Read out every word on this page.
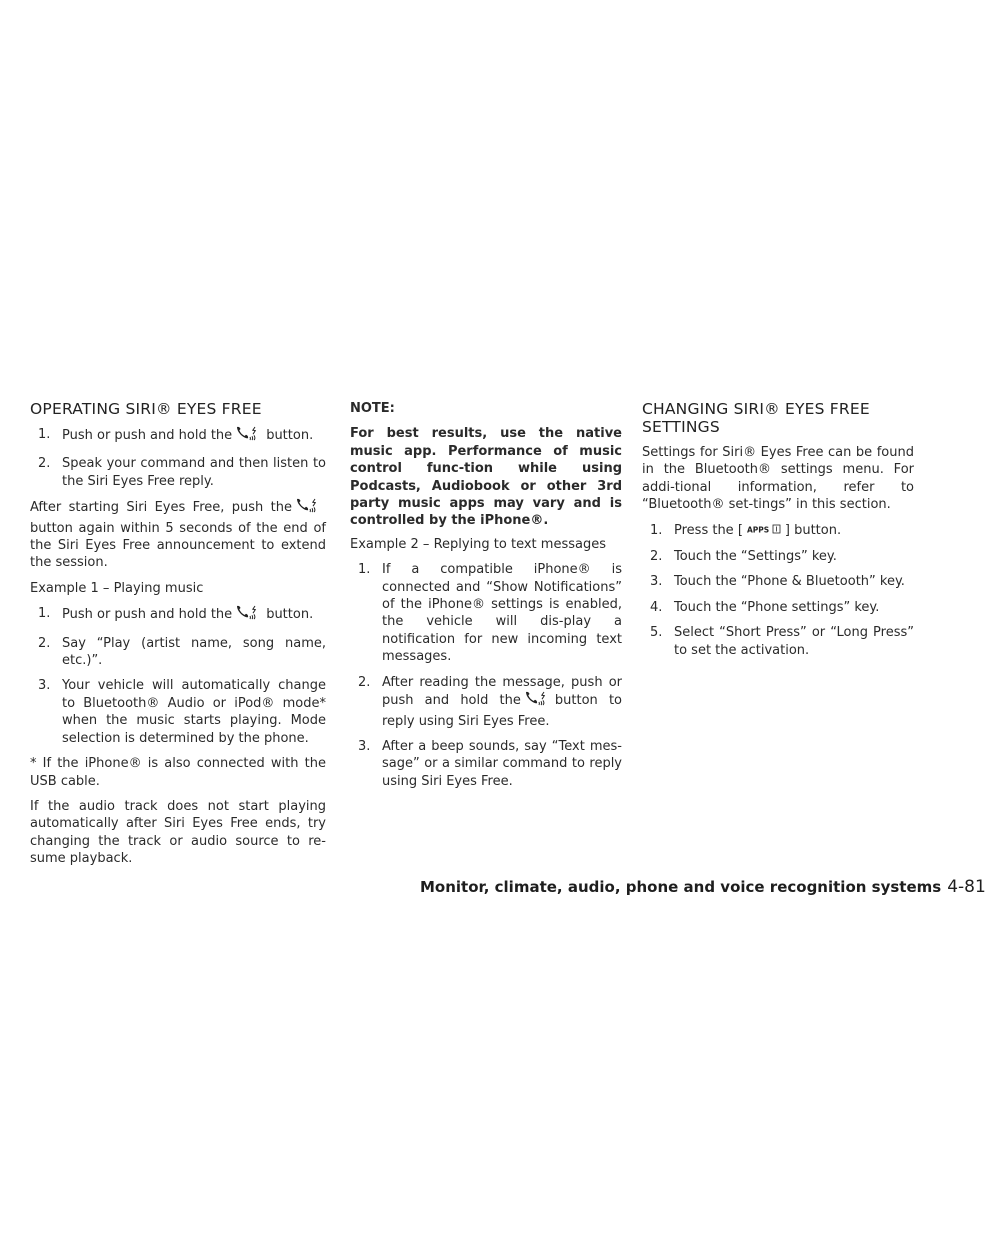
OPERATING SIRI® EYES FREE
1. Push or push and hold the	button.
2. Speak your command and then listen to the Siri Eyes Free reply.

After starting Siri Eyes Free, push thebutton again within 5 seconds of the end of the Siri Eyes Free announcement to extend the session.

Example 1 – Playing music

1. Push or push and hold the	button.
2. Say “Play (artist name, song name, etc.)”.
3. Your vehicle will automatically change to Bluetooth® Audio or iPod® mode* when the music starts playing. Mode selection is determined by the phone.

* If the iPhone® is also connected with the USB cable.

If the audio track does not start playing automatically after Siri Eyes Free ends, try changing the track or audio source to re-sume playback.

NOTE:

For best results, use the native music app. Performance of music control func-tion while using Podcasts, Audiobook or other 3rd party music apps may vary and is controlled by the iPhone®.

Example 2 – Replying to text messages

1. If a compatible iPhone® is connected and “Show Notifications” of the iPhone® settings is enabled, the vehicle will dis-play a notification for new incoming text messages.
2. After reading the message, push or push and hold the	button to reply using Siri Eyes Free.
3. After a beep sounds, say “Text mes-sage” or a similar command to reply using Siri Eyes Free.
CHANGING SIRI® EYES FREE SETTINGS

Settings for Siri® Eyes Free can be found in the Bluetooth® settings menu. For addi-tional information, refer to “Bluetooth® set-tings” in this section.

1. Press the [ APPS ] button.
2. Touch the “Settings” key.
3. Touch the “Phone & Bluetooth” key.
4. Touch the “Phone settings” key.
5. Select “Short Press” or “Long Press” to set the activation.
Monitor, climate, audio, phone and voice recognition systems 4-81
